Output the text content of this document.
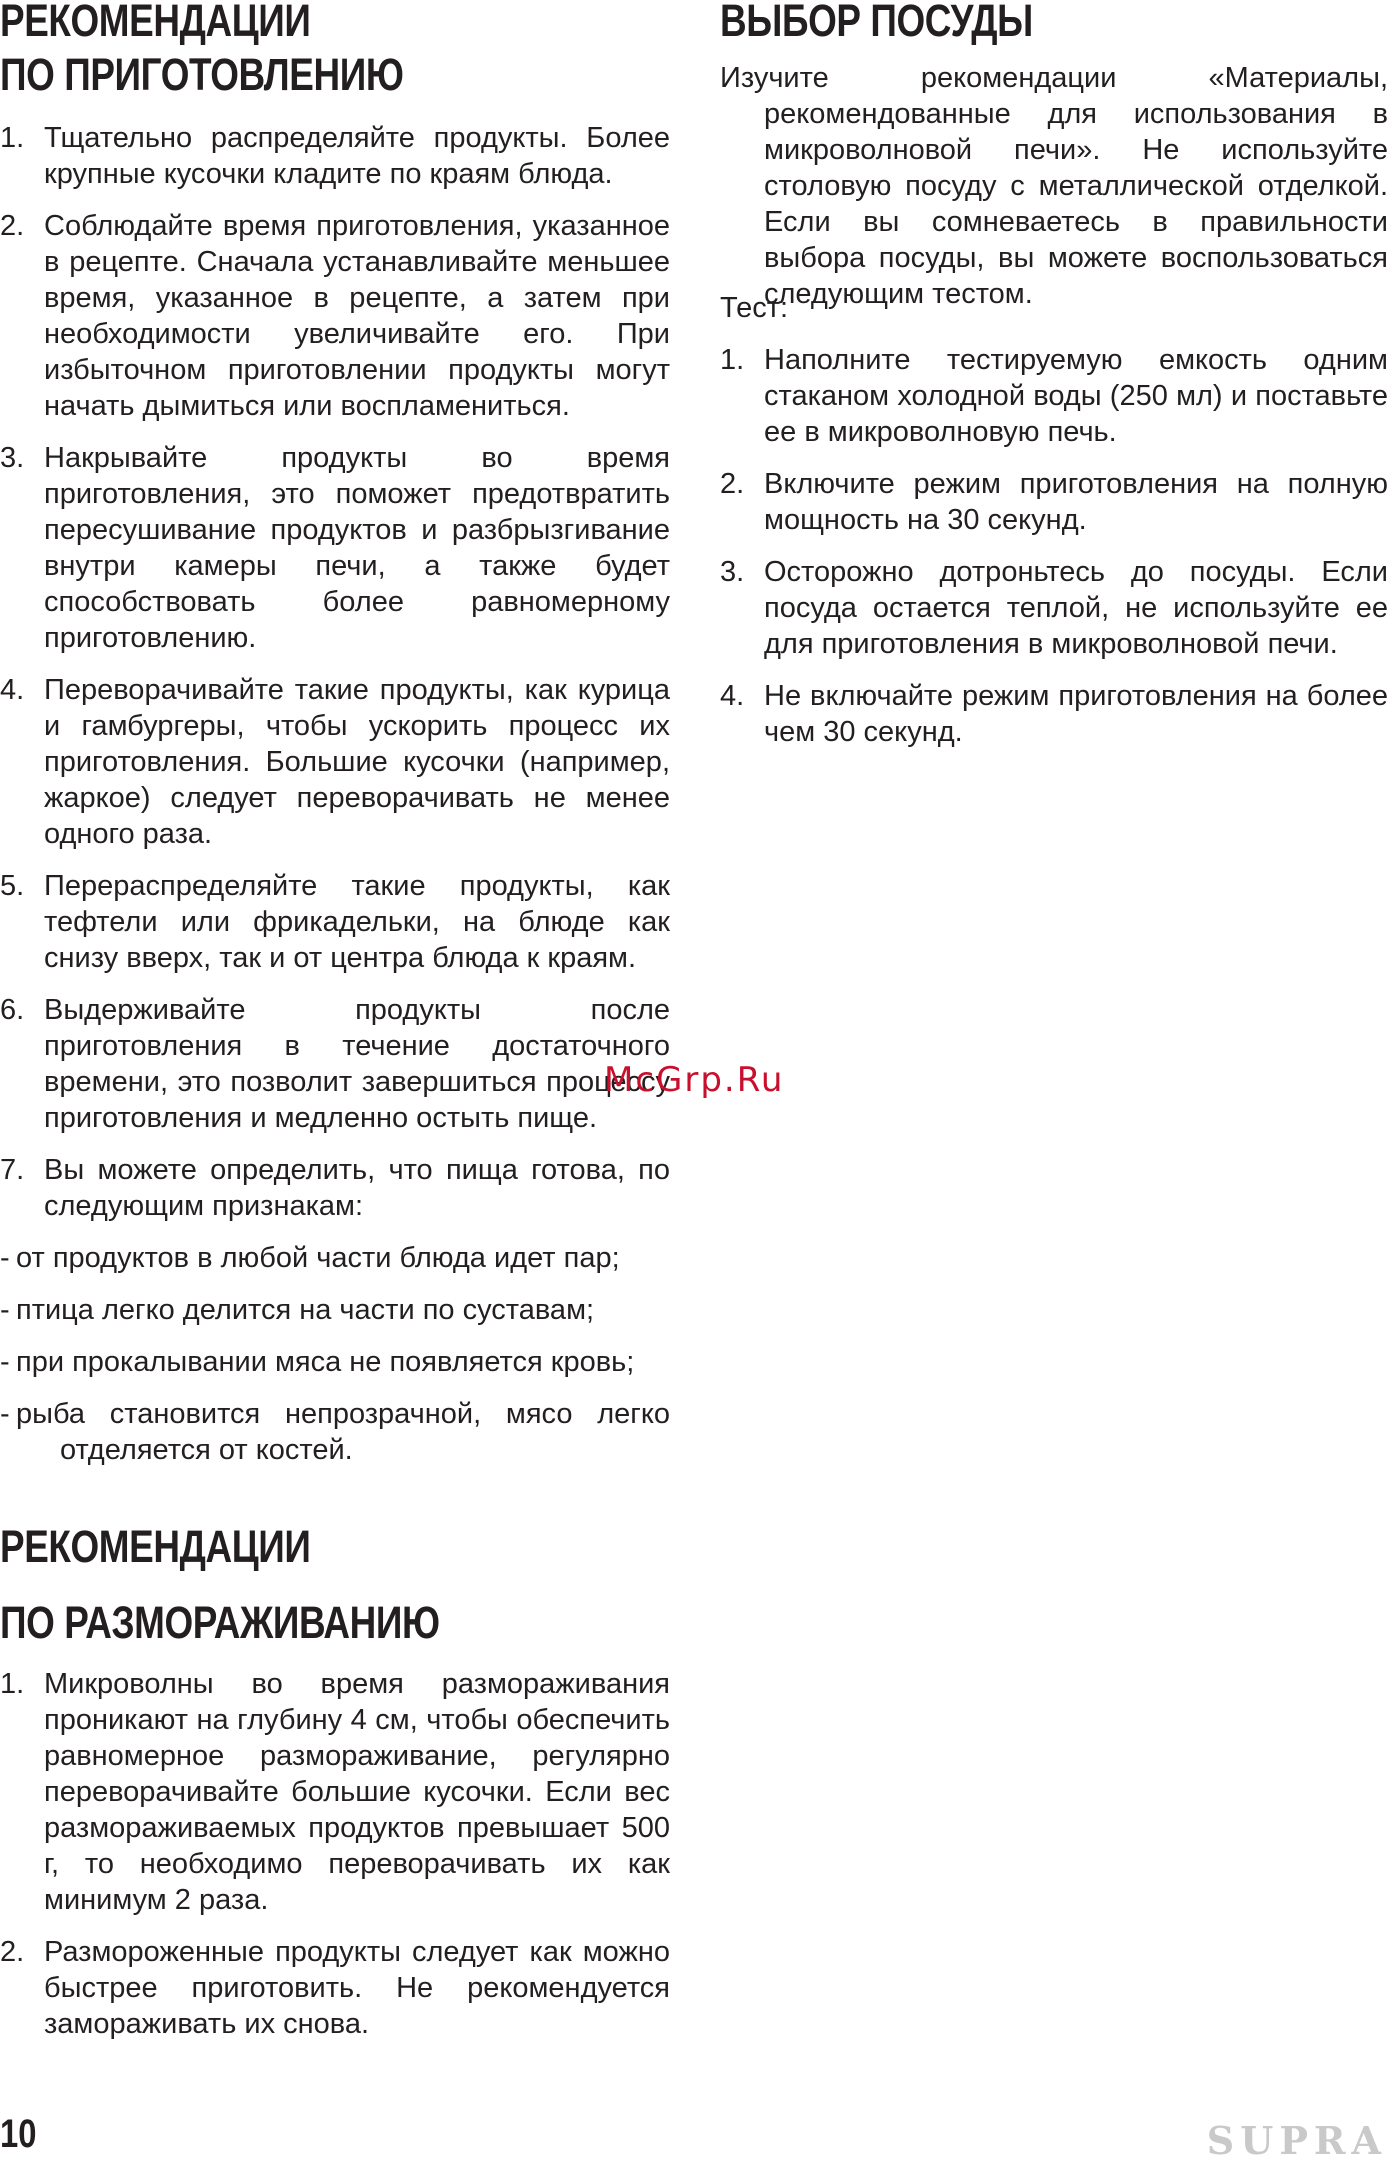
РЕКОМЕНДАЦИИ
ПО ПРИГОТОВЛЕНИЮ
1. Тщательно распределяйте продукты. Более крупные кусочки кладите по краям блюда.
2. Соблюдайте время приготовления, указанное в рецепте. Сначала устанавливайте меньшее время, указанное в рецепте, а затем при необходимости увеличивайте его. При избыточном приготовлении продукты могут начать дымиться или воспламениться.
3. Накрывайте продукты во время приготовления, это поможет предотвратить пересушивание продуктов и разбрызгивание внутри камеры печи, а также будет способствовать более равномерному приготовлению.
4. Переворачивайте такие продукты, как курица и гамбургеры, чтобы ускорить процесс их приготовления. Большие кусочки (например, жаркое) следует переворачивать не менее одного раза.
5. Перераспределяйте такие продукты, как тефтели или фрикадельки, на блюде как снизу вверх, так и от центра блюда к краям.
6. Выдерживайте продукты после приготовления в течение достаточного времени, это позволит завершиться процессу приготовления и медленно остыть пище.
7. Вы можете определить, что пища готова, по следующим признакам:
- от продуктов в любой части блюда идет пар;
- птица легко делится на части по суставам;
- при прокалывании мяса не появляется кровь;
- рыба становится непрозрачной, мясо легко отделяется от костей.
РЕКОМЕНДАЦИИ
ПО РАЗМОРАЖИВАНИЮ
1. Микроволны во время размораживания проникают на глубину 4 см, чтобы обеспечить равномерное размораживание, регулярно переворачивайте большие кусочки. Если вес размораживаемых продуктов превышает 500 г, то необходимо переворачивать их как минимум 2 раза.
2. Размороженные продукты следует как можно быстрее приготовить. Не рекомендуется замораживать их снова.
ВЫБОР ПОСУДЫ
Изучите рекомендации «Материалы, рекомендованные для использования в микроволновой печи». Не используйте столовую посуду с металлической отделкой. Если вы сомневаетесь в правильности выбора посуды, вы можете воспользоваться следующим тестом.
Тест:
1. Наполните тестируемую емкость одним стаканом холодной воды (250 мл) и поставьте ее в микроволновую печь.
2. Включите режим приготовления на полную мощность на 30 секунд.
3. Осторожно дотроньтесь до посуды. Если посуда остается теплой, не используйте ее для приготовления в микроволновой печи.
4. Не включайте режим приготовления на более чем 30 секунд.
McGrp.Ru
10	SUPRA
